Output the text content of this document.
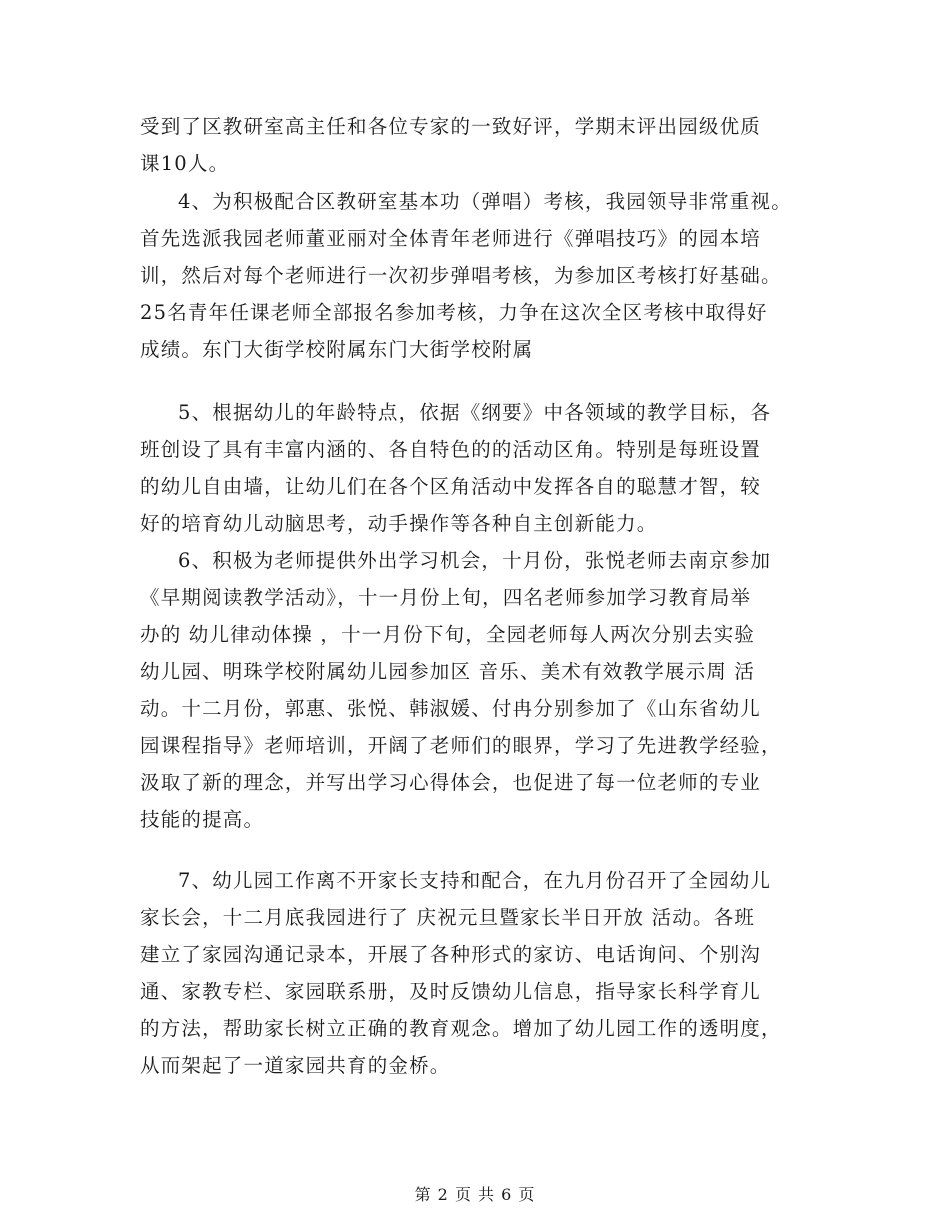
受到了区教研室高主任和各位专家的一致好评，学期末评出园级优质
课10人。
4、为积极配合区教研室基本功（弹唱）考核，我园领导非常重视。
首先选派我园老师董亚丽对全体青年老师进行《弹唱技巧》的园本培
训，然后对每个老师进行一次初步弹唱考核，为参加区考核打好基础。
25名青年任课老师全部报名参加考核，力争在这次全区考核中取得好
成绩。东门大街学校附属东门大街学校附属
5、根据幼儿的年龄特点，依据《纲要》中各领域的教学目标，各
班创设了具有丰富内涵的、各自特色的的活动区角。特别是每班设置
的幼儿自由墙，让幼儿们在各个区角活动中发挥各自的聪慧才智，较
好的培育幼儿动脑思考，动手操作等各种自主创新能力。
6、积极为老师提供外出学习机会，十月份，张悦老师去南京参加
《早期阅读教学活动》，十一月份上旬，四名老师参加学习教育局举
办的 幼儿律动体操 ，十一月份下旬，全园老师每人两次分别去实验
幼儿园、明珠学校附属幼儿园参加区 音乐、美术有效教学展示周 活
动。十二月份，郭惠、张悦、韩淑媛、付冉分别参加了《山东省幼儿
园课程指导》老师培训，开阔了老师们的眼界，学习了先进教学经验，
汲取了新的理念，并写出学习心得体会，也促进了每一位老师的专业
技能的提高。
7、幼儿园工作离不开家长支持和配合，在九月份召开了全园幼儿
家长会，十二月底我园进行了 庆祝元旦暨家长半日开放 活动。各班
建立了家园沟通记录本，开展了各种形式的家访、电话询问、个别沟
通、家教专栏、家园联系册，及时反馈幼儿信息，指导家长科学育儿
的方法，帮助家长树立正确的教育观念。增加了幼儿园工作的透明度，
从而架起了一道家园共育的金桥。
第 2 页 共 6 页
